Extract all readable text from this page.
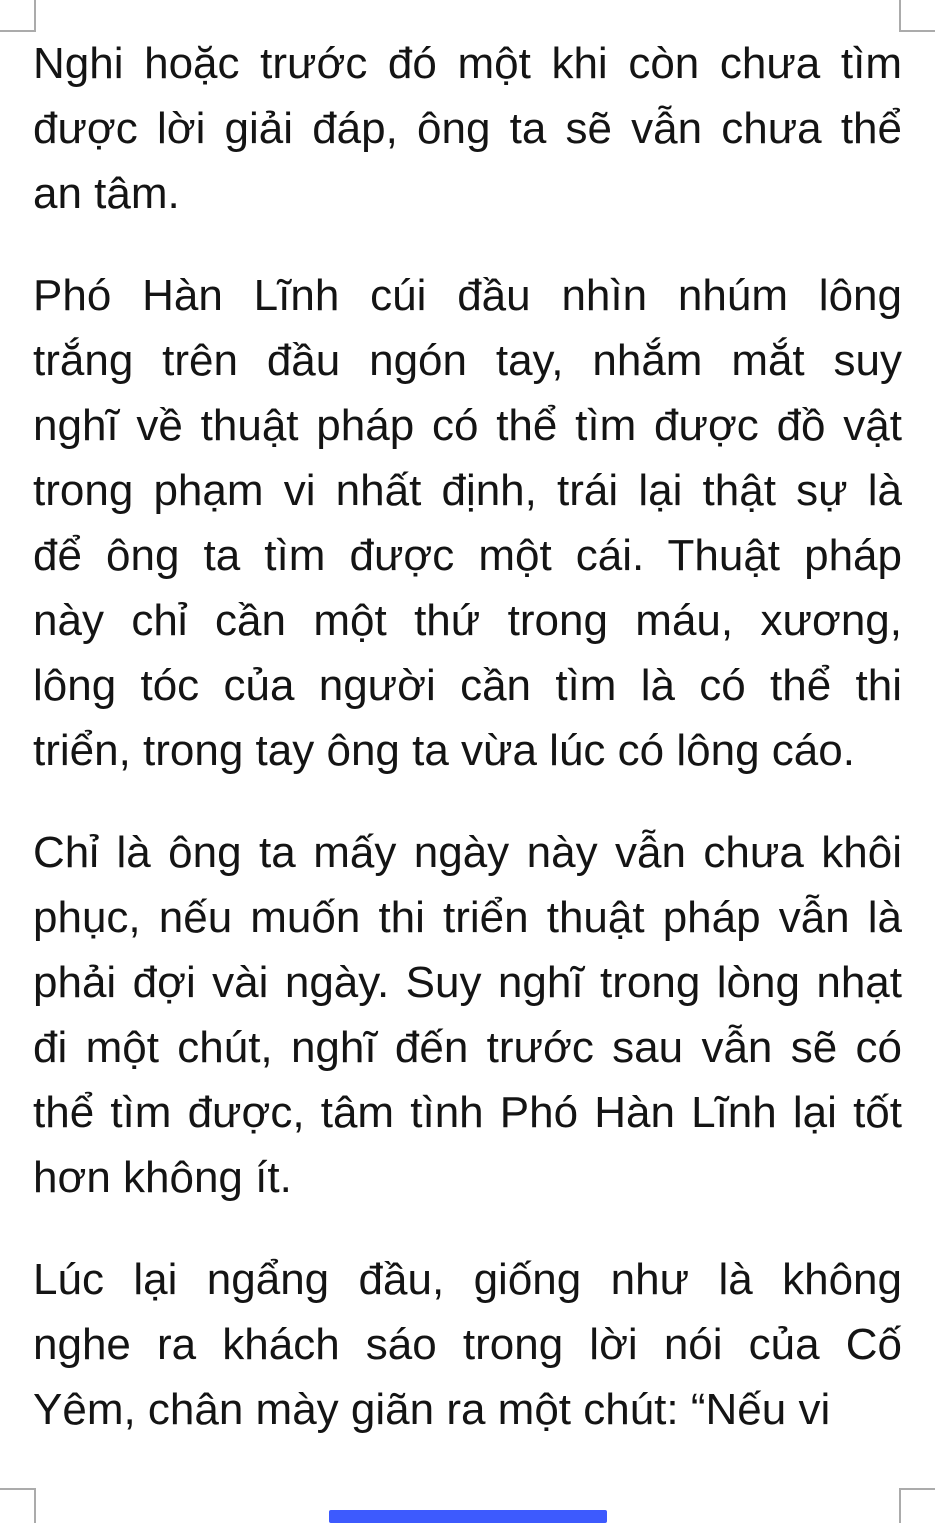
Nghi hoặc trước đó một khi còn chưa tìm
được lời giải đáp, ông ta sẽ vẫn chưa thể
an tâm.
Phó Hàn Lĩnh cúi đầu nhìn nhúm lông
trắng trên đầu ngón tay, nhắm mắt suy
nghĩ về thuật pháp có thể tìm được đồ vật
trong phạm vi nhất định, trái lại thật sự là
để ông ta tìm được một cái. Thuật pháp
này chỉ cần một thứ trong máu, xương,
lông tóc của người cần tìm là có thể thi
triển, trong tay ông ta vừa lúc có lông cáo.
Chỉ là ông ta mấy ngày này vẫn chưa khôi
phục, nếu muốn thi triển thuật pháp vẫn là
phải đợi vài ngày. Suy nghĩ trong lòng nhạt
đi một chút, nghĩ đến trước sau vẫn sẽ có
thể tìm được, tâm tình Phó Hàn Lĩnh lại tốt
hơn không ít.
Lúc lại ngẩng đầu, giống như là không
nghe ra khách sáo trong lời nói của Cố
Yêm, chân mày giãn ra một chút: “Nếu vi
